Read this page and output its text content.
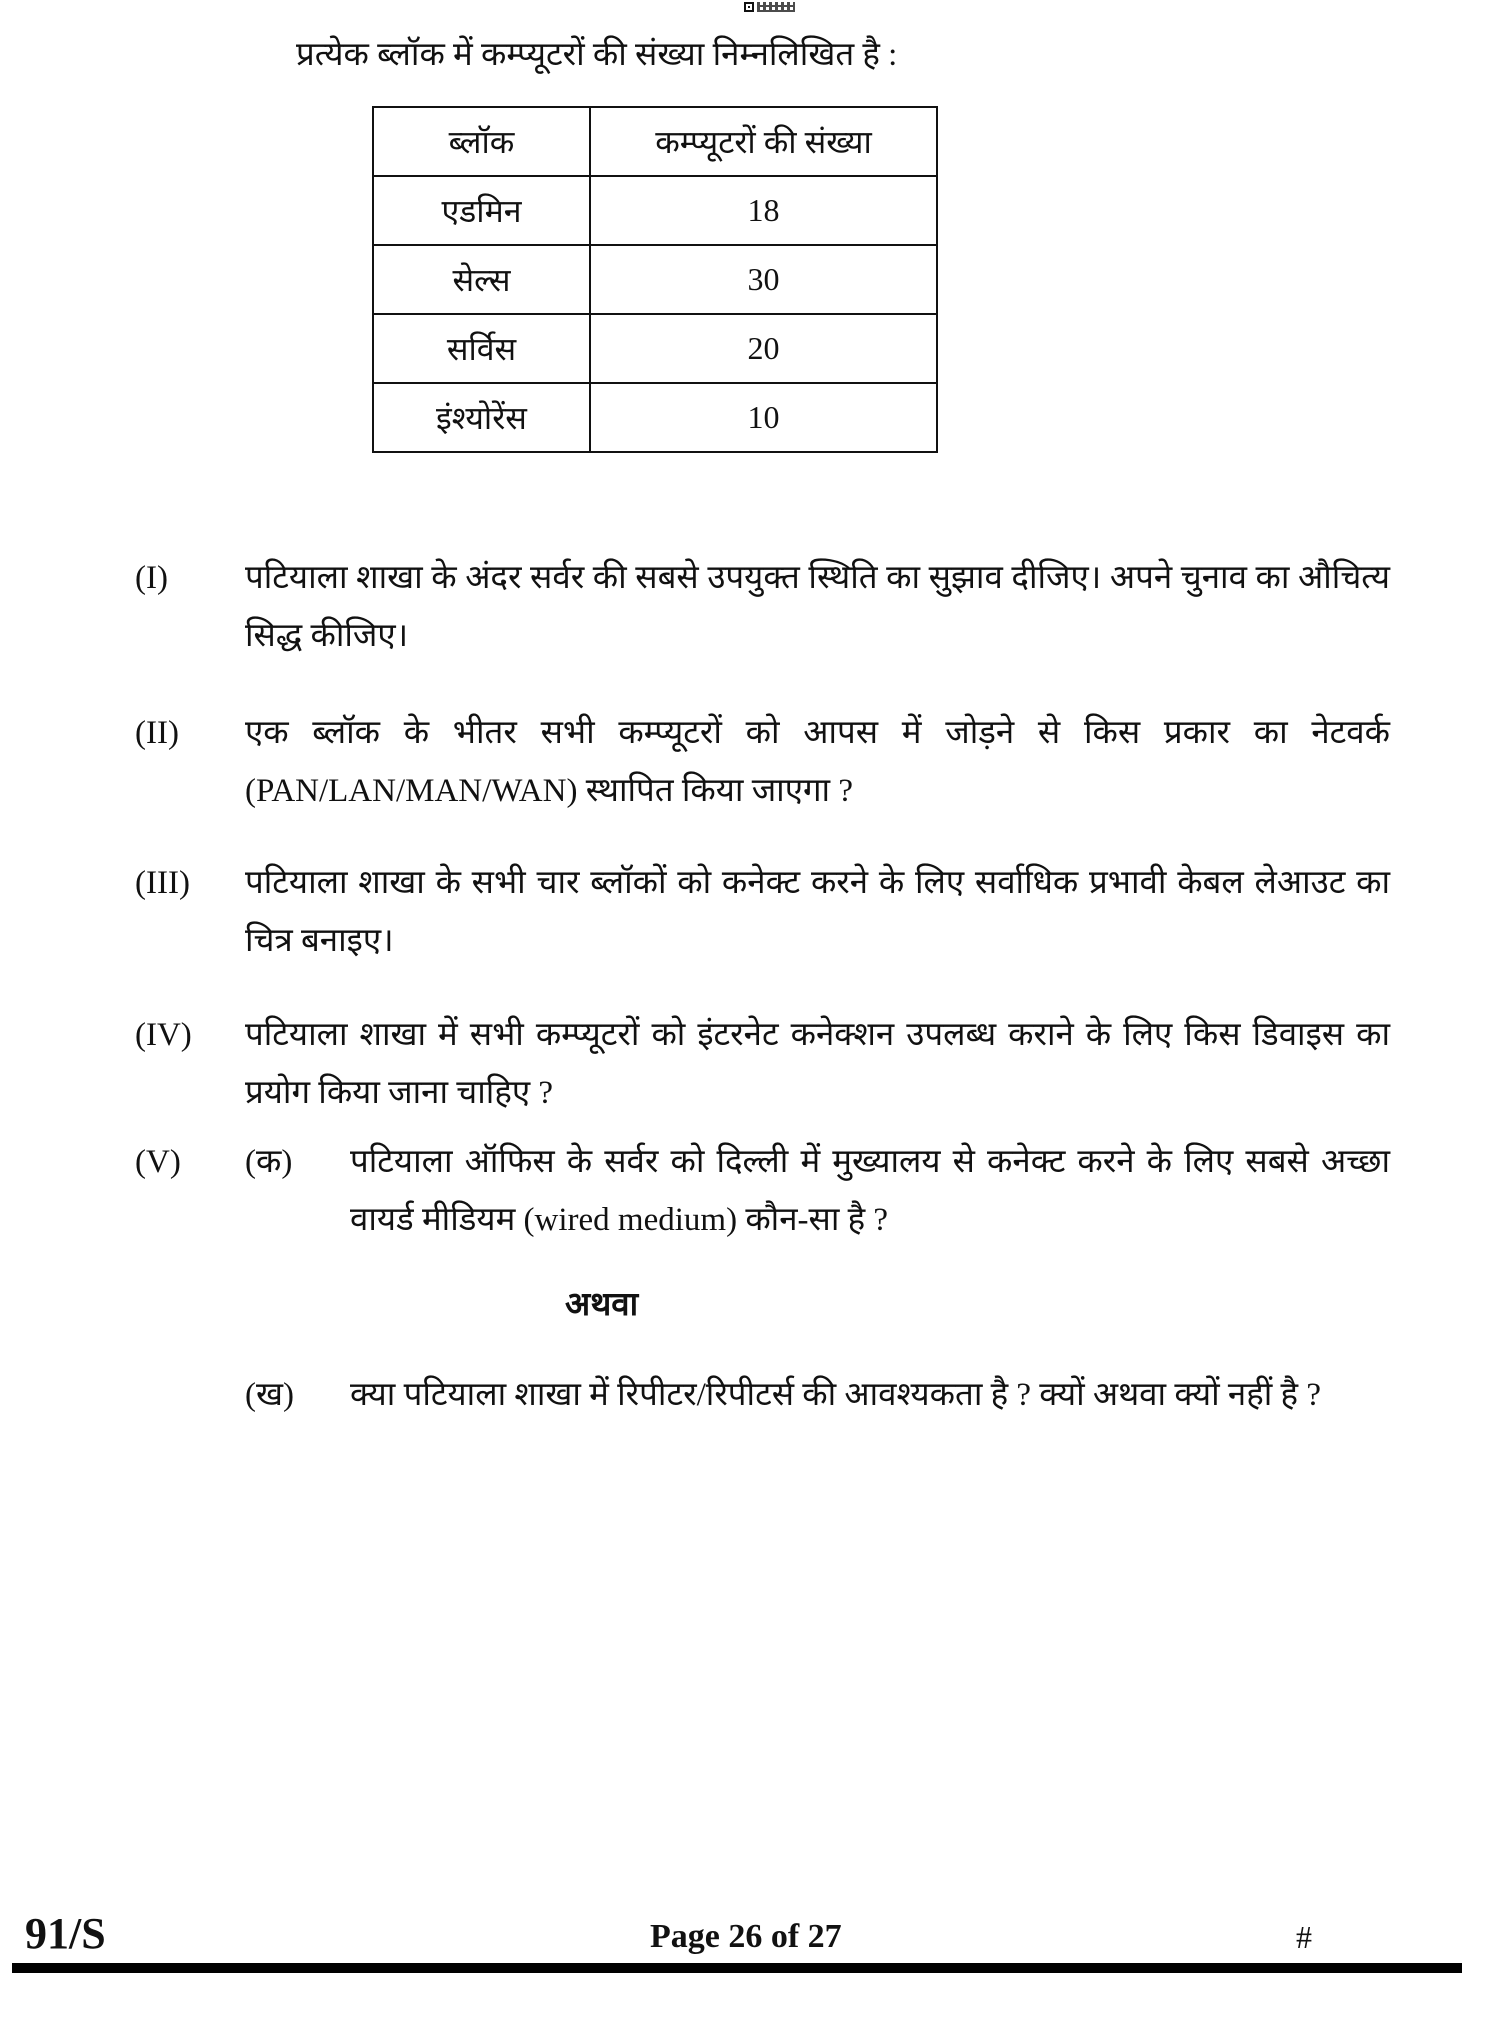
प्रत्येक ब्लॉक में कम्प्यूटरों की संख्या निम्नलिखित है :
ब्लॉक	कम्प्यूटरों की संख्या
एडमिन	18
सेल्स	30
सर्विस	20
इंश्योरेंस	10
(I) पटियाला शाखा के अंदर सर्वर की सबसे उपयुक्त स्थिति का सुझाव दीजिए। अपने चुनाव का औचित्य सिद्ध कीजिए।
(II) एक ब्लॉक के भीतर सभी कम्प्यूटरों को आपस में जोड़ने से किस प्रकार का नेटवर्क (PAN/LAN/MAN/WAN) स्थापित किया जाएगा ?
(III) पटियाला शाखा के सभी चार ब्लॉकों को कनेक्ट करने के लिए सर्वाधिक प्रभावी केबल लेआउट का चित्र बनाइए।
(IV) पटियाला शाखा में सभी कम्प्यूटरों को इंटरनेट कनेक्शन उपलब्ध कराने के लिए किस डिवाइस का प्रयोग किया जाना चाहिए ?
(V) (क) पटियाला ऑफिस के सर्वर को दिल्ली में मुख्यालय से कनेक्ट करने के लिए सबसे अच्छा वायर्ड मीडियम (wired medium) कौन-सा है ?
अथवा
(ख) क्या पटियाला शाखा में रिपीटर/रिपीटर्स की आवश्यकता है ? क्यों अथवा क्यों नहीं है ?
91/S	Page 26 of 27	#
